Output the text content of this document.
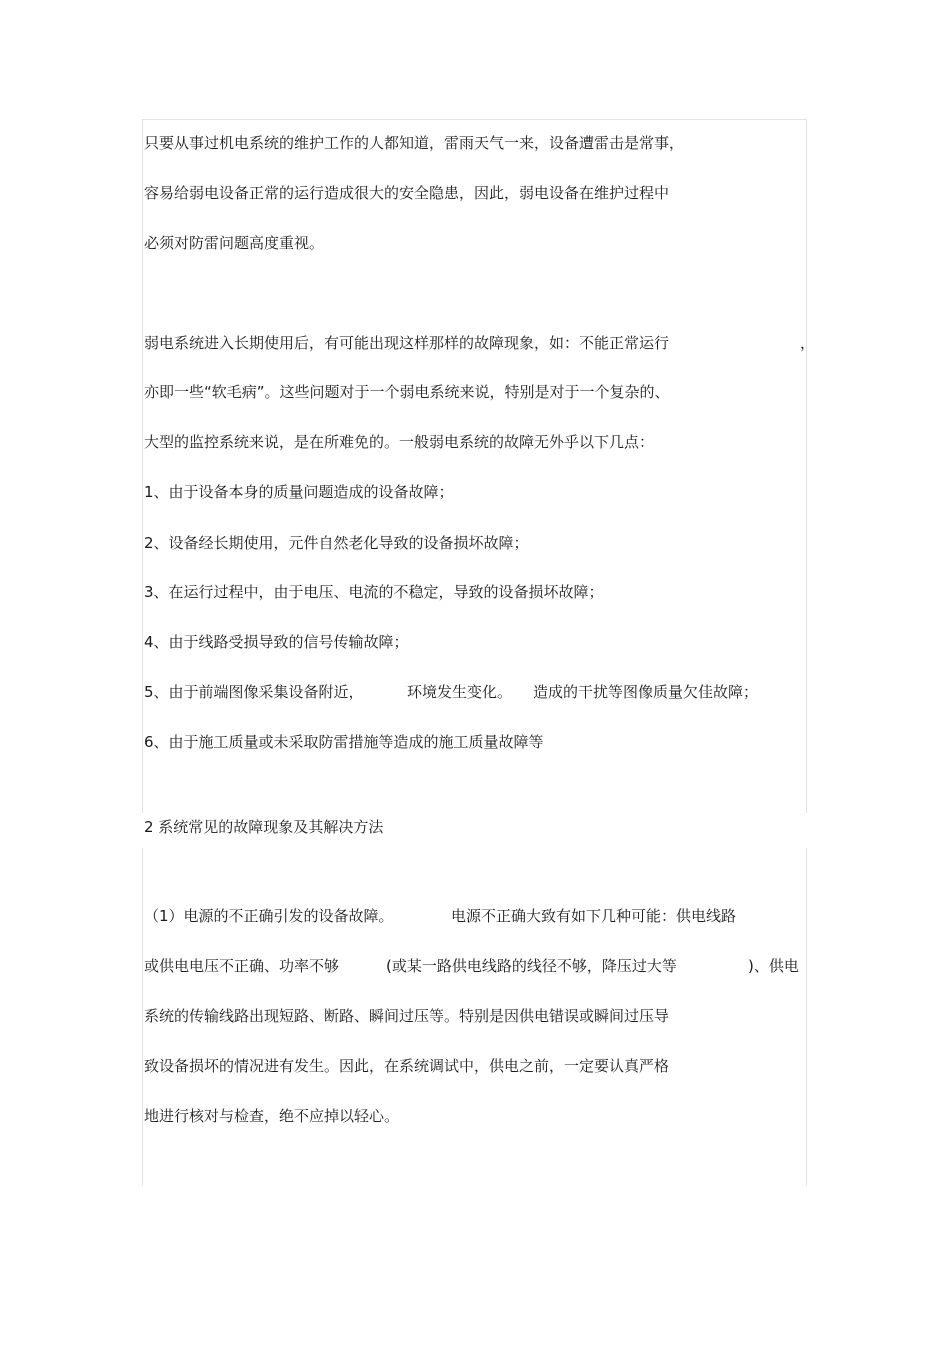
只要从事过机电系统的维护工作的人都知道，雷雨天气一来，设备遭雷击是常事，
容易给弱电设备正常的运行造成很大的安全隐患，因此，弱电设备在维护过程中
必须对防雷问题高度重视。
弱电系统进入长期使用后，有可能出现这样那样的故障现象，如：不能正常运行	，
亦即一些“软毛病”。这些问题对于一个弱电系统来说，特别是对于一个复杂的、
大型的监控系统来说，是在所难免的。一般弱电系统的故障无外乎以下几点：
1、由于设备本身的质量问题造成的设备故障；
2、设备经长期使用，元件自然老化导致的设备损坏故障；
3、在运行过程中，由于电压、电流的不稳定，导致的设备损坏故障；
4、由于线路受损导致的信号传输故障；
5、由于前端图像采集设备附近，	环境发生变化。 造成的干扰等图像质量欠佳故障；
6、由于施工质量或未采取防雷措施等造成的施工质量故障等
2 系统常见的故障现象及其解决方法
（1）电源的不正确引发的设备故障。	电源不正确大致有如下几种可能：供电线路
或供电电压不正确、功率不够	(或某一路供电线路的线径不够，降压过大等	)、供电
系统的传输线路出现短路、断路、瞬间过压等。特别是因供电错误或瞬间过压导
致设备损坏的情况进有发生。因此，在系统调试中，供电之前，一定要认真严格
地进行核对与检查，绝不应掉以轻心。
